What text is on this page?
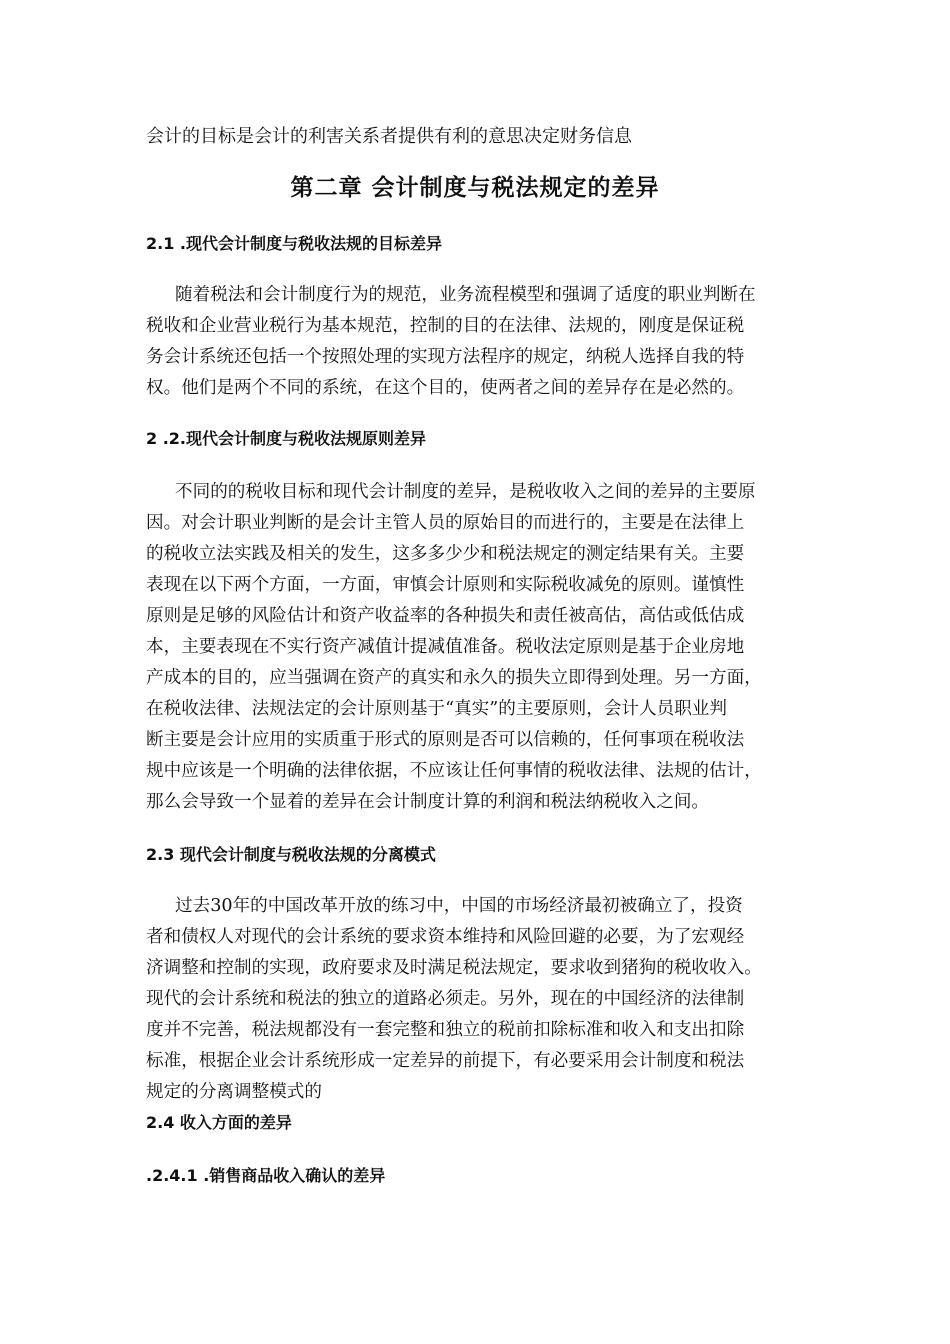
会计的目标是会计的利害关系者提供有利的意思决定财务信息
第二章 会计制度与税法规定的差异
2.1 .现代会计制度与税收法规的目标差异
随着税法和会计制度行为的规范，业务流程模型和强调了适度的职业判断在
税收和企业营业税行为基本规范，控制的目的在法律、法规的，刚度是保证税
务会计系统还包括一个按照处理的实现方法程序的规定，纳税人选择自我的特
权。他们是两个不同的系统，在这个目的，使两者之间的差异存在是必然的。
2 .2.现代会计制度与税收法规原则差异
不同的的税收目标和现代会计制度的差异，是税收收入之间的差异的主要原
因。对会计职业判断的是会计主管人员的原始目的而进行的，主要是在法律上
的税收立法实践及相关的发生，这多多少少和税法规定的测定结果有关。主要
表现在以下两个方面，一方面，审慎会计原则和实际税收减免的原则。谨慎性
原则是足够的风险估计和资产收益率的各种损失和责任被高估，高估或低估成
本，主要表现在不实行资产减值计提减值准备。税收法定原则是基于企业房地
产成本的目的，应当强调在资产的真实和永久的损失立即得到处理。另一方面，
在税收法律、法规法定的会计原则基于“真实”的主要原则，会计人员职业判
断主要是会计应用的实质重于形式的原则是否可以信赖的，任何事项在税收法
规中应该是一个明确的法律依据，不应该让任何事情的税收法律、法规的估计，
那么会导致一个显着的差异在会计制度计算的利润和税法纳税收入之间。
2.3 现代会计制度与税收法规的分离模式
过去30年的中国改革开放的练习中，中国的市场经济最初被确立了，投资
者和债权人对现代的会计系统的要求资本维持和风险回避的必要，为了宏观经
济调整和控制的实现，政府要求及时满足税法规定，要求收到猪狗的税收收入。
现代的会计系统和税法的独立的道路必须走。另外，现在的中国经济的法律制
度并不完善，税法规都没有一套完整和独立的税前扣除标准和收入和支出扣除
标准，根据企业会计系统形成一定差异的前提下，有必要采用会计制度和税法
规定的分离调整模式的
2.4 收入方面的差异
.2.4.1 .销售商品收入确认的差异
